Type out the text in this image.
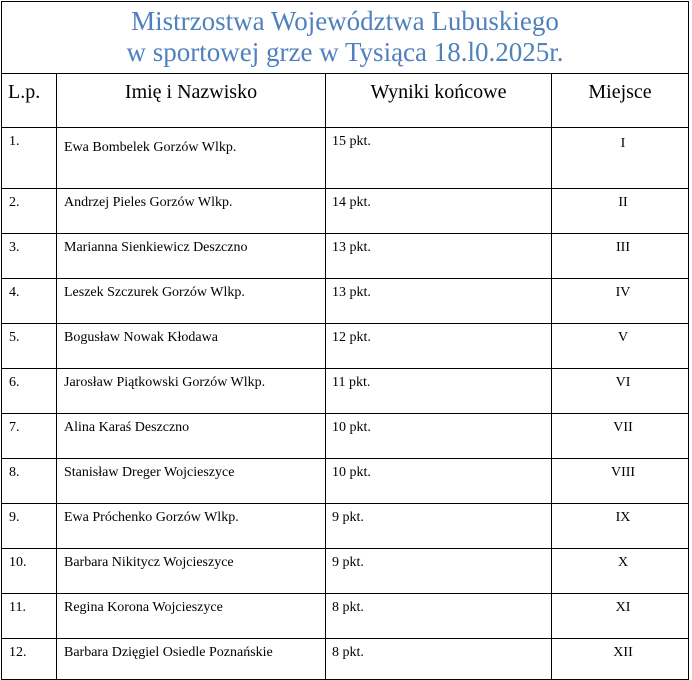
Mistrzostwa Województwa Lubuskiego
w sportowej grze w Tysiąca 18.l0.2025r.			

L.p.	Imię i Nazwisko	Wyniki końcowe	Miejsce
1.	Ewa Bombelek Gorzów Wlkp.	15 pkt.	I
2.	Andrzej Pieles Gorzów Wlkp.	14 pkt.	II
3.	Marianna Sienkiewicz Deszczno	13 pkt.	III
4.	Leszek Szczurek Gorzów Wlkp.	13 pkt.	IV
5.	Bogusław Nowak Kłodawa	12 pkt.	V
6.	Jarosław Piątkowski Gorzów Wlkp.	11 pkt.	VI
7.	Alina Karaś Deszczno	10 pkt.	VII
8.	Stanisław Dreger Wojcieszyce	10 pkt.	VIII
9.	Ewa Próchenko Gorzów Wlkp.	9 pkt.	IX
10.	Barbara Nikitycz Wojcieszyce	9 pkt.	X
11.	Regina Korona Wojcieszyce	8 pkt.	XI
12.	Barbara Dzięgiel Osiedle Poznańskie	8 pkt.	XII
